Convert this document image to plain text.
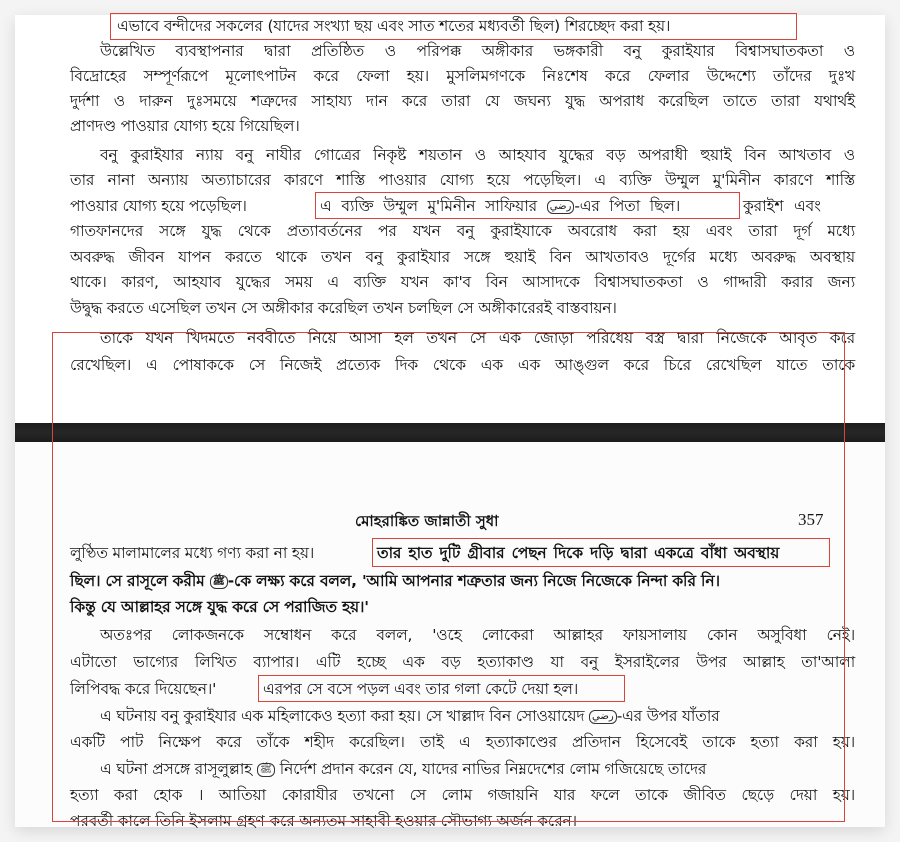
এভাবে বন্দীদের সকলের (যাদের সংখ্যা ছয় এবং সাত শতের মধ্যবর্তী ছিল) শিরচ্ছেদ করা হয়।
উল্লেখিত ব্যবস্থাপনার দ্বারা প্রতিষ্ঠিত ও পরিপক্ক অঙ্গীকার ভঙ্গকারী বনু কুরাইযার বিশ্বাসঘাতকতা ও
বিদ্রোহের সম্পূর্ণরূপে মূলোৎপাটন করে ফেলা হয়। মুসলিমগণকে নিঃশেষ করে ফেলার উদ্দেশ্যে তাঁদের দুঃখ
দুর্দশা ও দারুন দুঃসময়ে শত্রুদের সাহায্য দান করে তারা যে জঘন্য যুদ্ধ অপরাধ করেছিল তাতে তারা যথার্থই
প্রাণদণ্ড পাওয়ার যোগ্য হয়ে গিয়েছিল।
বনু কুরাইযার ন্যায় বনু নাযীর গোত্রের নিকৃষ্ট শয়তান ও আহযাব যুদ্ধের বড় অপরাধী হুয়াই বিন আখতাব ও
তার নানা অন্যায় অত্যাচারের কারণে শাস্তি পাওয়ার যোগ্য হয়ে পড়েছিল। এ ব্যক্তি উম্মুল মু'মিনীন কারণে শাস্তি
পাওয়ার যোগ্য হয়ে পড়েছিল।	এ ব্যক্তি উম্মুল মু'মিনীন সাফিয়ার رضي -এর পিতা ছিল।	কুরাইশ এবং
গাতফানদের সঙ্গে যুদ্ধ থেকে প্রত্যাবর্তনের পর যখন বনু কুরাইযাকে অবরোধ করা হয় এবং তারা দূর্গ মধ্যে
অবরুদ্ধ জীবন যাপন করতে থাকে তখন বনু কুরাইযার সঙ্গে হুয়াই বিন আখতাবও দূর্গের মধ্যে অবরুদ্ধ অবস্থায়
থাকে। কারণ, আহযাব যুদ্ধের সময় এ ব্যক্তি যখন কা'ব বিন আসাদকে বিশ্বাসঘাতকতা ও গাদ্দারী করার জন্য
উদ্বুদ্ধ করতে এসেছিল তখন সে অঙ্গীকার করেছিল তখন চলছিল সে অঙ্গীকারেরই বাস্তবায়ন।
তাকে যখন খিদমতে নববীতে নিয়ে আসা হল তখন সে এক জোড়া পরিধেয় বস্ত্র দ্বারা নিজেকে আবৃত করে
রেখেছিল। এ পোষাককে সে নিজেই প্রত্যেক দিক থেকে এক এক আঙ্গুল করে চিরে রেখেছিল যাতে তাকে
মোহরাঙ্কিত জান্নাতী সুধা	357
লুণ্ঠিত মালামালের মধ্যে গণ্য করা না হয়।	তার হাত দুটি গ্রীবার পেছন দিকে দড়ি দ্বারা একত্রে বাঁধা অবস্থায়
ছিল। সে রাসূলে করীম ﷺ -কে লক্ষ্য করে বলল, 'আমি আপনার শত্রুতার জন্য নিজে নিজেকে নিন্দা করি নি।
কিন্তু যে আল্লাহর সঙ্গে যুদ্ধ করে সে পরাজিত হয়।'
অতঃপর লোকজনকে সম্বোধন করে বলল, 'ওহে লোকেরা আল্লাহর ফায়সালায় কোন অসুবিধা নেই।
এটাতো ভাগ্যের লিখিত ব্যাপার। এটি হচ্ছে এক বড় হত্যাকাণ্ড যা বনু ইসরাইলের উপর আল্লাহ তা'আলা
লিপিবদ্ধ করে দিয়েছেন।'	এরপর সে বসে পড়ল এবং তার গলা কেটে দেয়া হল।
এ ঘটনায় বনু কুরাইযার এক মহিলাকেও হত্যা করা হয়। সে খাল্লাদ বিন সোওয়ায়েদ رضي -এর উপর যাঁতার
একটি পাট নিক্ষেপ করে তাঁকে শহীদ করেছিল। তাই এ হত্যাকাণ্ডের প্রতিদান হিসেবেই তাকে হত্যা করা হয়।
এ ঘটনা প্রসঙ্গে রাসূলুল্লাহ ﷺ নির্দেশ প্রদান করেন যে, যাদের নাভির নিম্নদেশের লোম গজিয়েছে তাদের
হত্যা করা হোক । আতিয়া কোরাযীর তখনো সে লোম গজায়নি যার ফলে তাকে জীবিত ছেড়ে দেয়া হয়।
পরবর্তী কালে তিনি ইসলাম গ্রহণ করে অন্যতম সাহাবী হওয়ার সৌভাগ্য অর্জন করেন।
